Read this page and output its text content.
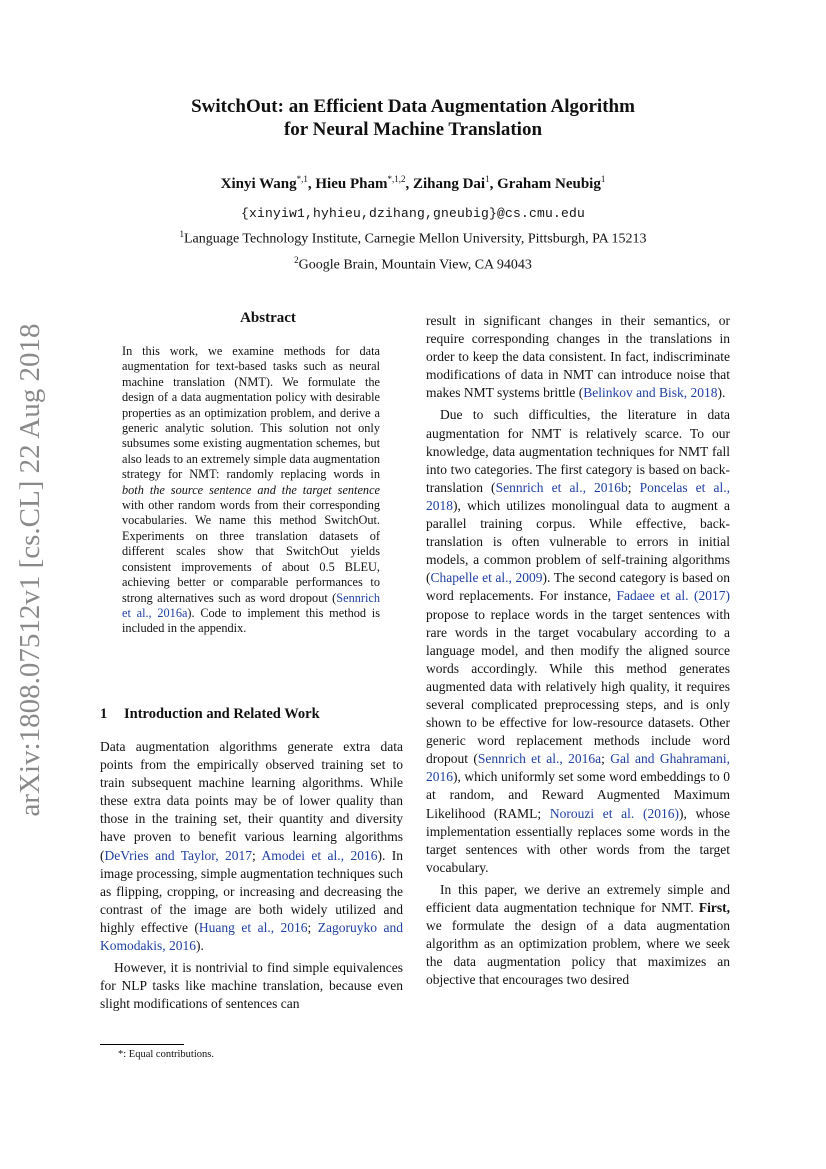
SwitchOut: an Efficient Data Augmentation Algorithm
for Neural Machine Translation
Xinyi Wang$^{*,1}$, Hieu Pham$^{*,1,2}$, Zihang Dai$^1$, Graham Neubig$^1$
{xinyiw1,hyhieu,dzihang,gneubig}@cs.cmu.edu
$^1$Language Technology Institute, Carnegie Mellon University, Pittsburgh, PA 15213
$^2$Google Brain, Mountain View, CA 94043
arXiv:1808.07512v1 [cs.CL] 22 Aug 2018
Abstract

In this work, we examine methods for data augmentation for text-based tasks such as neural machine translation (NMT). We formulate the design of a data augmentation policy with desirable properties as an optimization problem, and derive a generic analytic solution. This solution not only subsumes some existing augmentation schemes, but also leads to an extremely simple data augmentation strategy for NMT: randomly replacing words in both the source sentence and the target sentence with other random words from their corresponding vocabularies. We name this method SwitchOut. Experiments on three translation datasets of different scales show that SwitchOut yields consistent improvements of about 0.5 BLEU, achieving better or comparable performances to strong alternatives such as word dropout (Sennrich et al., 2016a). Code to implement this method is included in the appendix.

1 Introduction and Related Work

Data augmentation algorithms generate extra data points from the empirically observed training set to train subsequent machine learning algorithms. While these extra data points may be of lower quality than those in the training set, their quantity and diversity have proven to benefit various learning algorithms (DeVries and Taylor, 2017; Amodei et al., 2016). In image processing, simple augmentation techniques such as flipping, cropping, or increasing and decreasing the contrast of the image are both widely utilized and highly effective (Huang et al., 2016; Zagoruyko and Komodakis, 2016).

However, it is nontrivial to find simple equivalences for NLP tasks like machine translation, because even slight modifications of sentences can

result in significant changes in their semantics, or require corresponding changes in the translations in order to keep the data consistent. In fact, indiscriminate modifications of data in NMT can introduce noise that makes NMT systems brittle (Belinkov and Bisk, 2018).

Due to such difficulties, the literature in data augmentation for NMT is relatively scarce. To our knowledge, data augmentation techniques for NMT fall into two categories. The first category is based on back-translation (Sennrich et al., 2016b; Poncelas et al., 2018), which utilizes monolingual data to augment a parallel training corpus. While effective, back-translation is often vulnerable to errors in initial models, a common problem of self-training algorithms (Chapelle et al., 2009). The second category is based on word replacements. For instance, Fadaee et al. (2017) propose to replace words in the target sentences with rare words in the target vocabulary according to a language model, and then modify the aligned source words accordingly. While this method generates augmented data with relatively high quality, it requires several complicated preprocessing steps, and is only shown to be effective for low-resource datasets. Other generic word replacement methods include word dropout (Sennrich et al., 2016a; Gal and Ghahramani, 2016), which uniformly set some word embeddings to 0 at random, and Reward Augmented Maximum Likelihood (RAML; Norouzi et al. (2016)), whose implementation essentially replaces some words in the target sentences with other words from the target vocabulary.

In this paper, we derive an extremely simple and efficient data augmentation technique for NMT. First, we formulate the design of a data augmentation algorithm as an optimization problem, where we seek the data augmentation policy that maximizes an objective that encourages two desired

*: Equal contributions.
